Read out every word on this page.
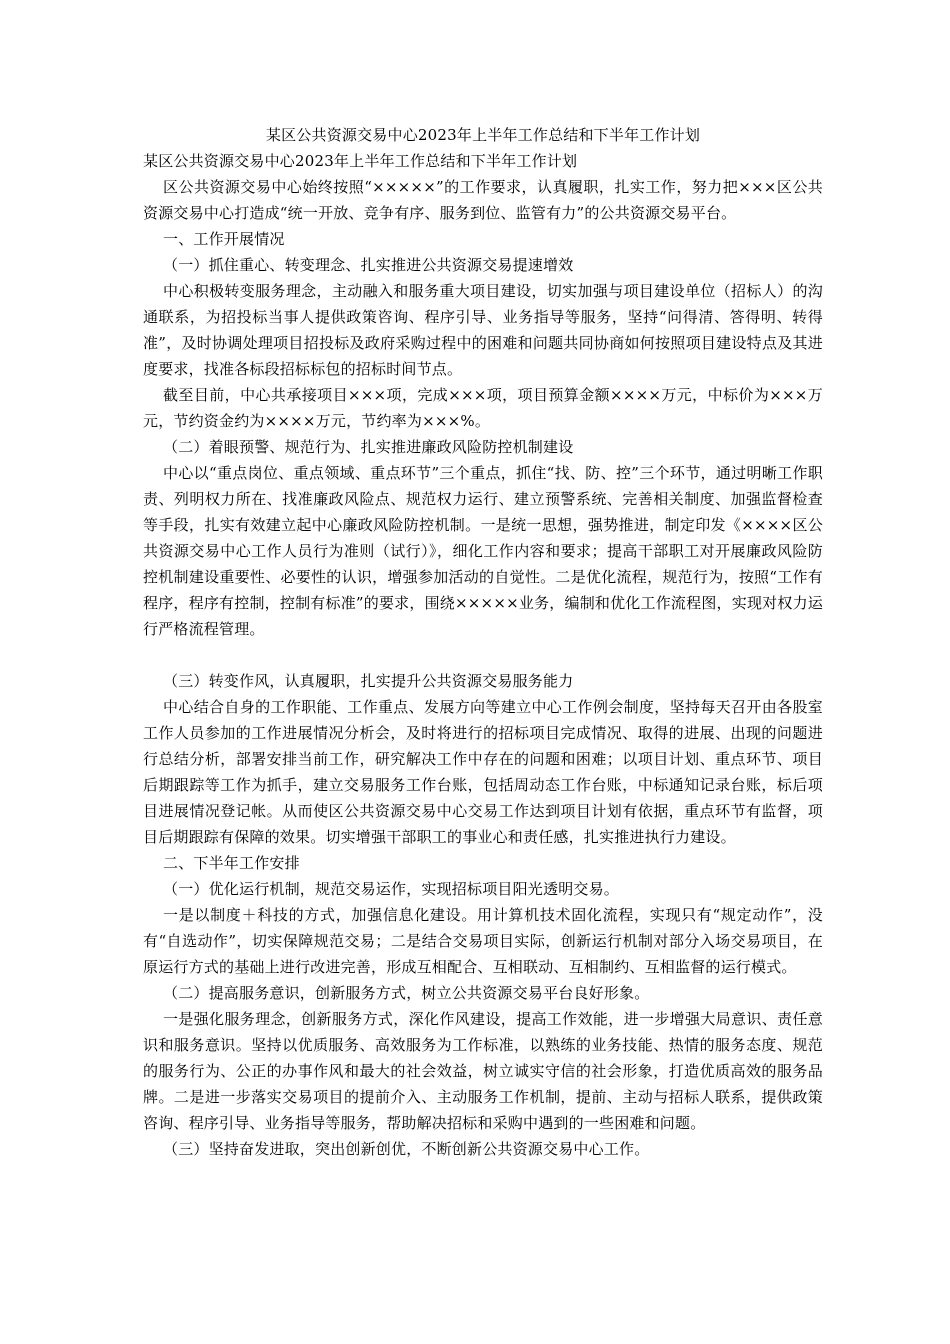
某区公共资源交易中心2023年上半年工作总结和下半年工作计划

某区公共资源交易中心2023年上半年工作总结和下半年工作计划

区公共资源交易中心始终按照“×××××”的工作要求，认真履职，扎实工作，努力把×××区公共资源交易中心打造成“统一开放、竞争有序、服务到位、监管有力”的公共资源交易平台。

一、工作开展情况

（一）抓住重心、转变理念、扎实推进公共资源交易提速增效

中心积极转变服务理念，主动融入和服务重大项目建设，切实加强与项目建设单位（招标人）的沟通联系，为招投标当事人提供政策咨询、程序引导、业务指导等服务，坚持“问得清、答得明、转得准”，及时协调处理项目招投标及政府采购过程中的困难和问题共同协商如何按照项目建设特点及其进度要求，找准各标段招标标包的招标时间节点。

截至目前，中心共承接项目×××项，完成×××项，项目预算金额××××万元，中标价为×××万元，节约资金约为××××万元，节约率为×××%。

（二）着眼预警、规范行为、扎实推进廉政风险防控机制建设

中心以“重点岗位、重点领域、重点环节”三个重点，抓住“找、防、控”三个环节，通过明晰工作职责、列明权力所在、找准廉政风险点、规范权力运行、建立预警系统、完善相关制度、加强监督检查等手段，扎实有效建立起中心廉政风险防控机制。一是统一思想，强势推进，制定印发《××××区公共资源交易中心工作人员行为准则（试行）》，细化工作内容和要求；提高干部职工对开展廉政风险防控机制建设重要性、必要性的认识，增强参加活动的自觉性。二是优化流程，规范行为，按照“工作有程序，程序有控制，控制有标准”的要求，围绕×××××业务，编制和优化工作流程图，实现对权力运行严格流程管理。

（三）转变作风，认真履职，扎实提升公共资源交易服务能力

中心结合自身的工作职能、工作重点、发展方向等建立中心工作例会制度，坚持每天召开由各股室工作人员参加的工作进展情况分析会，及时将进行的招标项目完成情况、取得的进展、出现的问题进行总结分析，部署安排当前工作，研究解决工作中存在的问题和困难；以项目计划、重点环节、项目后期跟踪等工作为抓手，建立交易服务工作台账，包括周动态工作台账，中标通知记录台账，标后项目进展情况登记帐。从而使区公共资源交易中心交易工作达到项目计划有依据，重点环节有监督，项目后期跟踪有保障的效果。切实增强干部职工的事业心和责任感，扎实推进执行力建设。

二、下半年工作安排

（一）优化运行机制，规范交易运作，实现招标项目阳光透明交易。

一是以制度＋科技的方式，加强信息化建设。用计算机技术固化流程，实现只有“规定动作”，没有“自选动作”，切实保障规范交易；二是结合交易项目实际，创新运行机制对部分入场交易项目，在原运行方式的基础上进行改进完善，形成互相配合、互相联动、互相制约、互相监督的运行模式。

（二）提高服务意识，创新服务方式，树立公共资源交易平台良好形象。

一是强化服务理念，创新服务方式，深化作风建设，提高工作效能，进一步增强大局意识、责任意识和服务意识。坚持以优质服务、高效服务为工作标准，以熟练的业务技能、热情的服务态度、规范的服务行为、公正的办事作风和最大的社会效益，树立诚实守信的社会形象，打造优质高效的服务品牌。二是进一步落实交易项目的提前介入、主动服务工作机制，提前、主动与招标人联系，提供政策咨询、程序引导、业务指导等服务，帮助解决招标和采购中遇到的一些困难和问题。

（三）坚持奋发进取，突出创新创优，不断创新公共资源交易中心工作。
